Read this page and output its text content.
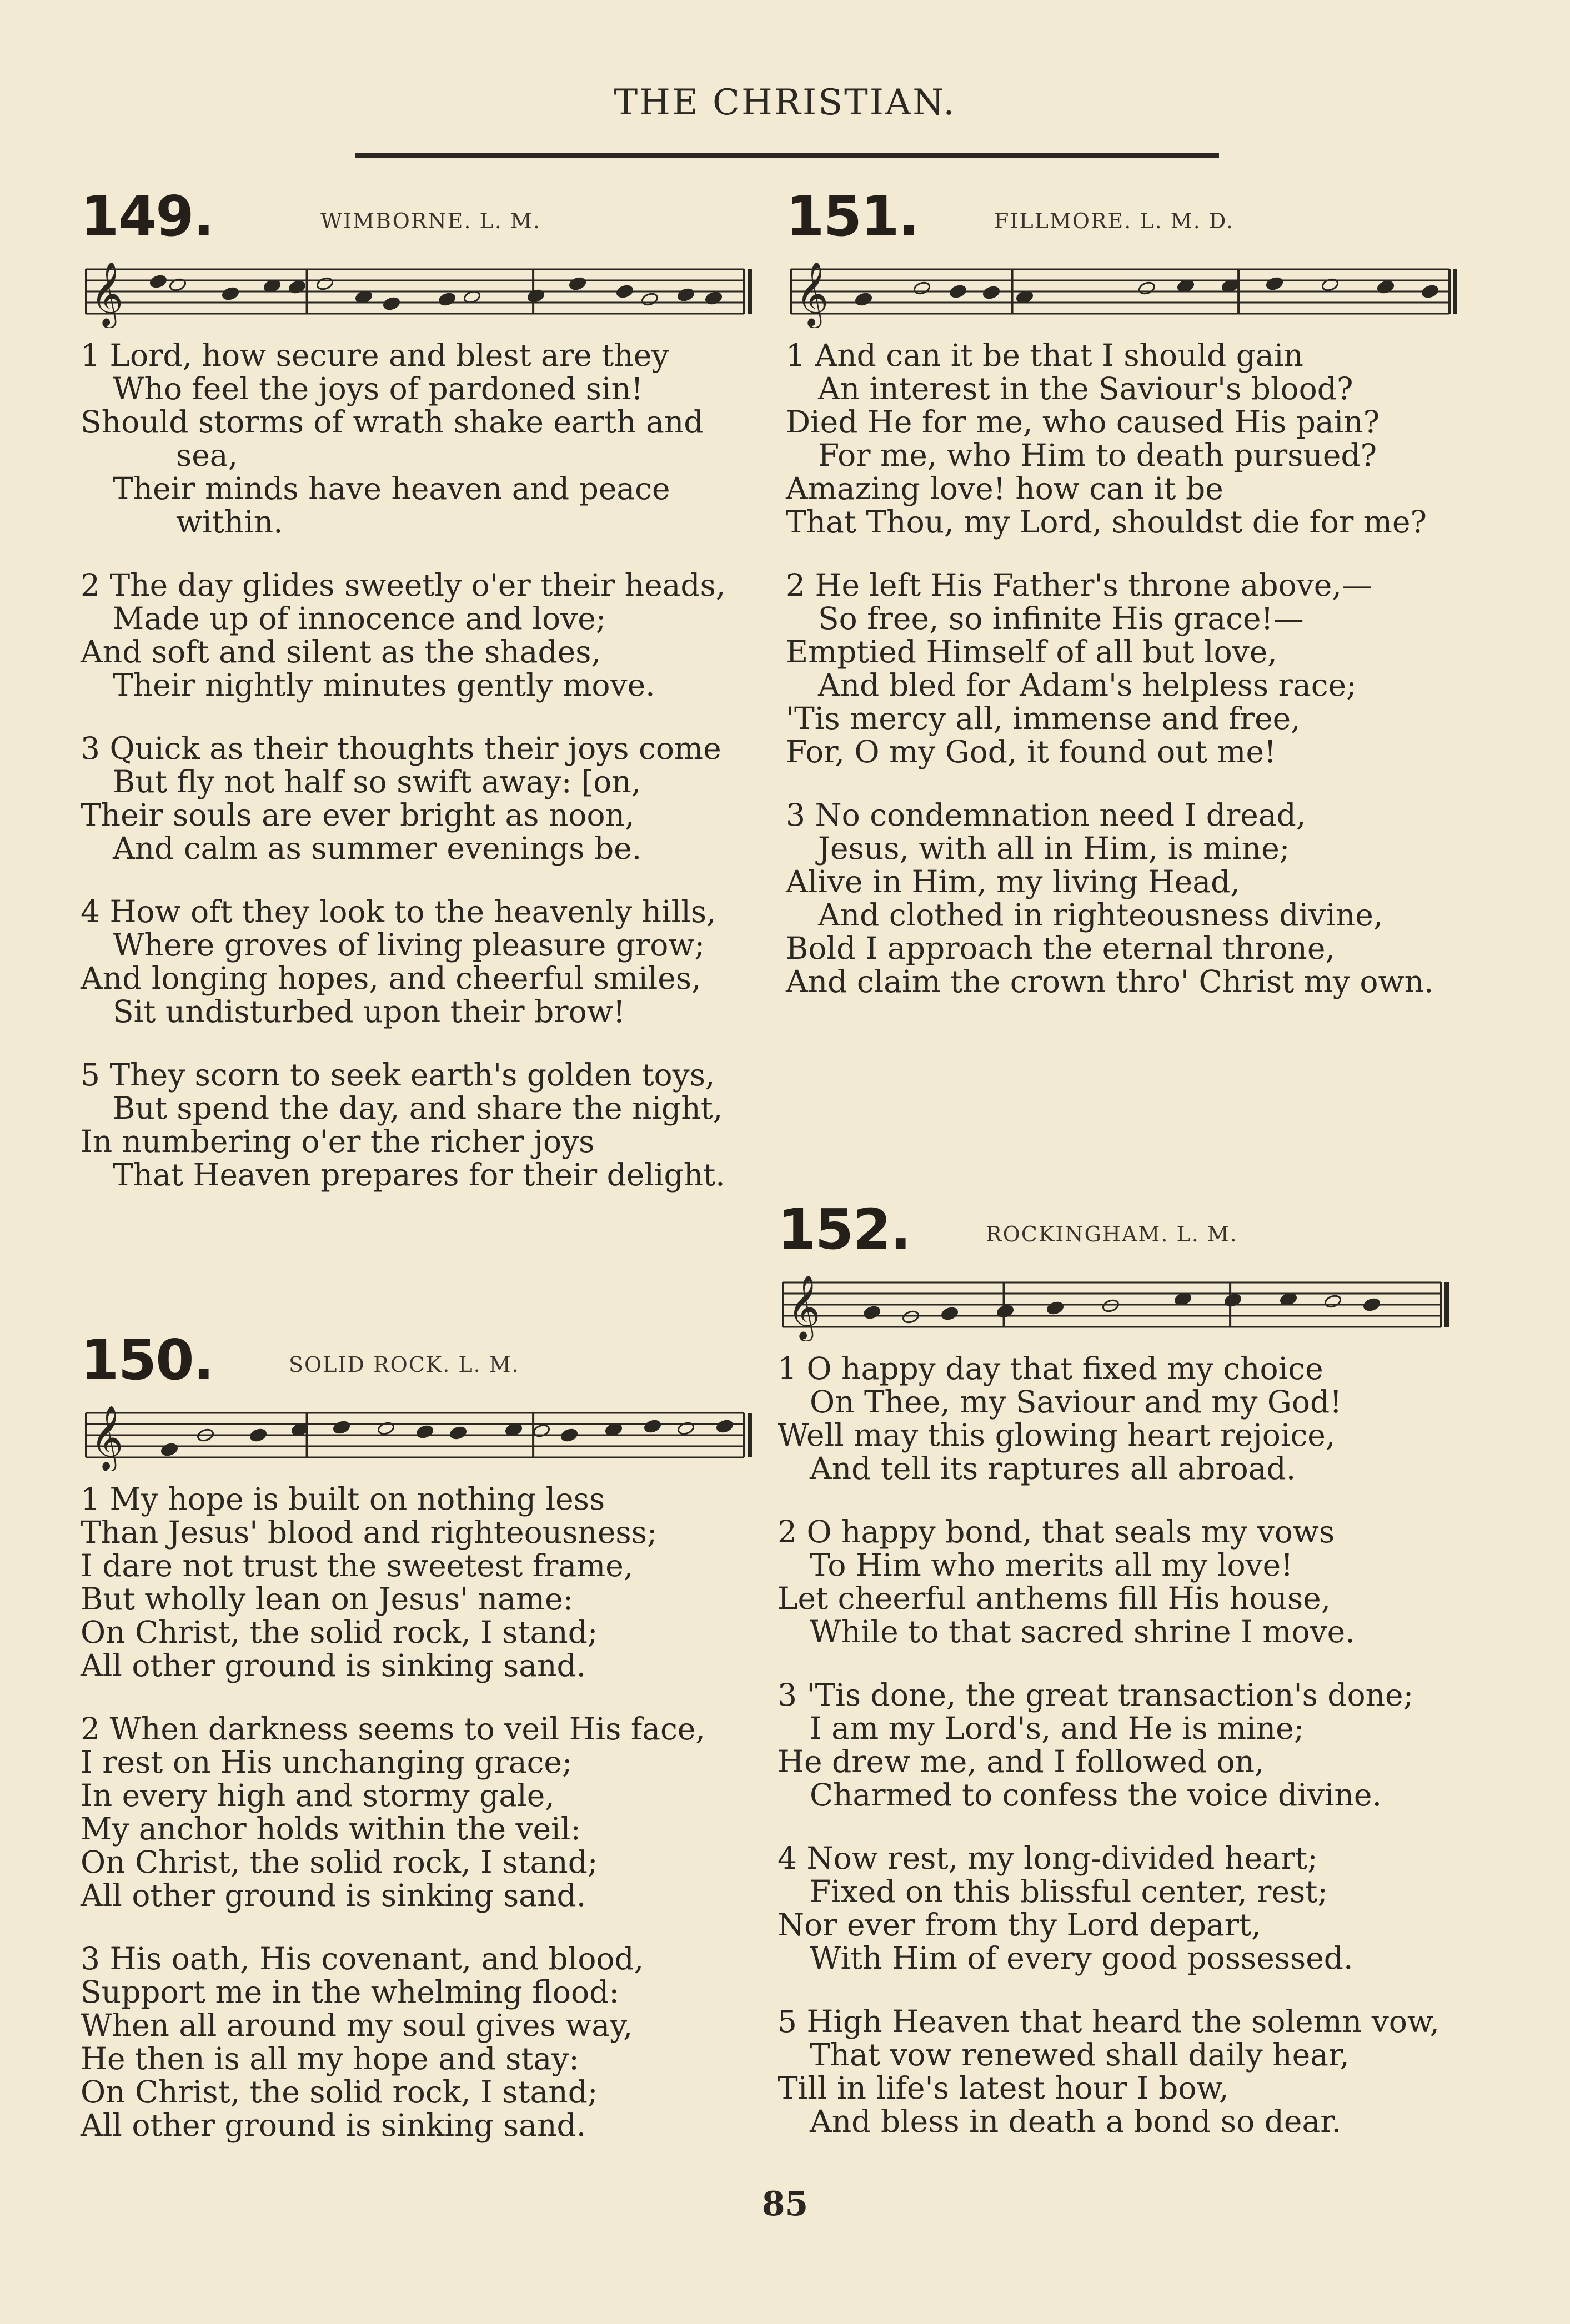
THE CHRISTIAN.
149.	WIMBORNE. L. M.
𝄞
1 Lord, how secure and blest are they
Who feel the joys of pardoned sin!
Should storms of wrath shake earth and
sea,
Their minds have heaven and peace
within.
2 The day glides sweetly o'er their heads,
Made up of innocence and love;
And soft and silent as the shades,
Their nightly minutes gently move.
3 Quick as their thoughts their joys come
But fly not half so swift away: [on,
Their souls are ever bright as noon,
And calm as summer evenings be.
4 How oft they look to the heavenly hills,
Where groves of living pleasure grow;
And longing hopes, and cheerful smiles,
Sit undisturbed upon their brow!
5 They scorn to seek earth's golden toys,
But spend the day, and share the night,
In numbering o'er the richer joys
That Heaven prepares for their delight.
150.	SOLID ROCK. L. M.
𝄞
1 My hope is built on nothing less
Than Jesus' blood and righteousness;
I dare not trust the sweetest frame,
But wholly lean on Jesus' name:
On Christ, the solid rock, I stand;
All other ground is sinking sand.
2 When darkness seems to veil His face,
I rest on His unchanging grace;
In every high and stormy gale,
My anchor holds within the veil:
On Christ, the solid rock, I stand;
All other ground is sinking sand.
3 His oath, His covenant, and blood,
Support me in the whelming flood:
When all around my soul gives way,
He then is all my hope and stay:
On Christ, the solid rock, I stand;
All other ground is sinking sand.
151.	FILLMORE. L. M. D.
𝄞
1 And can it be that I should gain
An interest in the Saviour's blood?
Died He for me, who caused His pain?
For me, who Him to death pursued?
Amazing love! how can it be
That Thou, my Lord, shouldst die for me?
2 He left His Father's throne above,—
So free, so infinite His grace!—
Emptied Himself of all but love,
And bled for Adam's helpless race;
'Tis mercy all, immense and free,
For, O my God, it found out me!
3 No condemnation need I dread,
Jesus, with all in Him, is mine;
Alive in Him, my living Head,
And clothed in righteousness divine,
Bold I approach the eternal throne,
And claim the crown thro' Christ my own.
152.	ROCKINGHAM. L. M.
𝄞
1 O happy day that fixed my choice
On Thee, my Saviour and my God!
Well may this glowing heart rejoice,
And tell its raptures all abroad.
2 O happy bond, that seals my vows
To Him who merits all my love!
Let cheerful anthems fill His house,
While to that sacred shrine I move.
3 'Tis done, the great transaction's done;
I am my Lord's, and He is mine;
He drew me, and I followed on,
Charmed to confess the voice divine.
4 Now rest, my long-divided heart;
Fixed on this blissful center, rest;
Nor ever from thy Lord depart,
With Him of every good possessed.
5 High Heaven that heard the solemn vow,
That vow renewed shall daily hear,
Till in life's latest hour I bow,
And bless in death a bond so dear.
85
